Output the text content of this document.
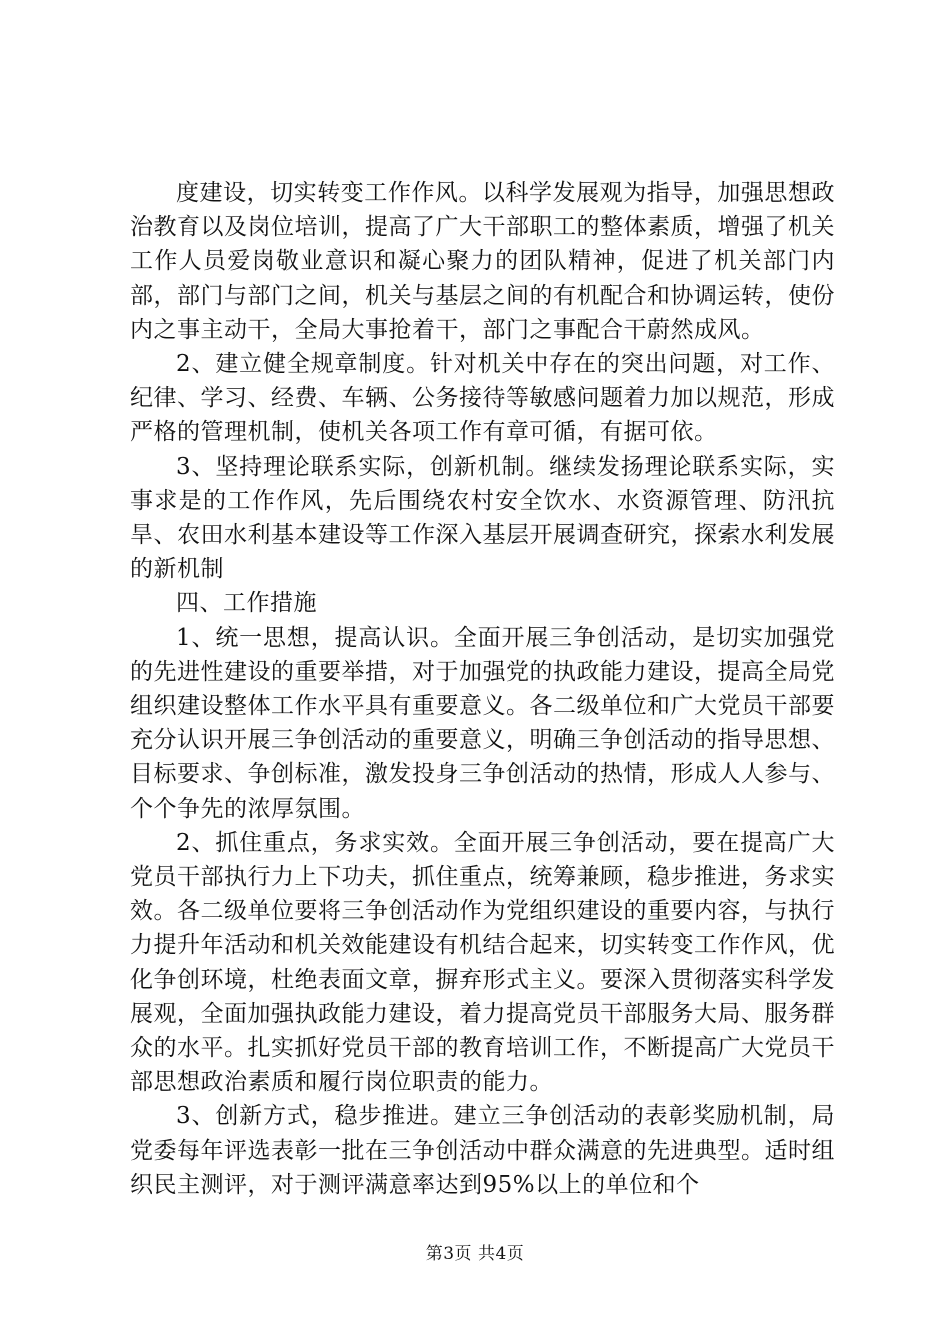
度建设，切实转变工作作风。以科学发展观为指导，加强思想政治教育以及岗位培训，提高了广大干部职工的整体素质，增强了机关工作人员爱岗敬业意识和凝心聚力的团队精神，促进了机关部门内部，部门与部门之间，机关与基层之间的有机配合和协调运转，使份内之事主动干，全局大事抢着干，部门之事配合干蔚然成风。

2、建立健全规章制度。针对机关中存在的突出问题，对工作、纪律、学习、经费、车辆、公务接待等敏感问题着力加以规范，形成严格的管理机制，使机关各项工作有章可循，有据可依。

3、坚持理论联系实际，创新机制。继续发扬理论联系实际，实事求是的工作作风，先后围绕农村安全饮水、水资源管理、防汛抗旱、农田水利基本建设等工作深入基层开展调查研究，探索水利发展的新机制

四、工作措施

1、统一思想，提高认识。全面开展三争创活动，是切实加强党的先进性建设的重要举措，对于加强党的执政能力建设，提高全局党组织建设整体工作水平具有重要意义。各二级单位和广大党员干部要充分认识开展三争创活动的重要意义，明确三争创活动的指导思想、目标要求、争创标准，激发投身三争创活动的热情，形成人人参与、个个争先的浓厚氛围。

2、抓住重点，务求实效。全面开展三争创活动，要在提高广大党员干部执行力上下功夫，抓住重点，统筹兼顾，稳步推进，务求实效。各二级单位要将三争创活动作为党组织建设的重要内容，与执行力提升年活动和机关效能建设有机结合起来，切实转变工作作风，优化争创环境，杜绝表面文章，摒弃形式主义。要深入贯彻落实科学发展观，全面加强执政能力建设，着力提高党员干部服务大局、服务群众的水平。扎实抓好党员干部的教育培训工作，不断提高广大党员干部思想政治素质和履行岗位职责的能力。

3、创新方式，稳步推进。建立三争创活动的表彰奖励机制，局党委每年评选表彰一批在三争创活动中群众满意的先进典型。适时组织民主测评，对于测评满意率达到95%以上的单位和个

第3页 共4页
